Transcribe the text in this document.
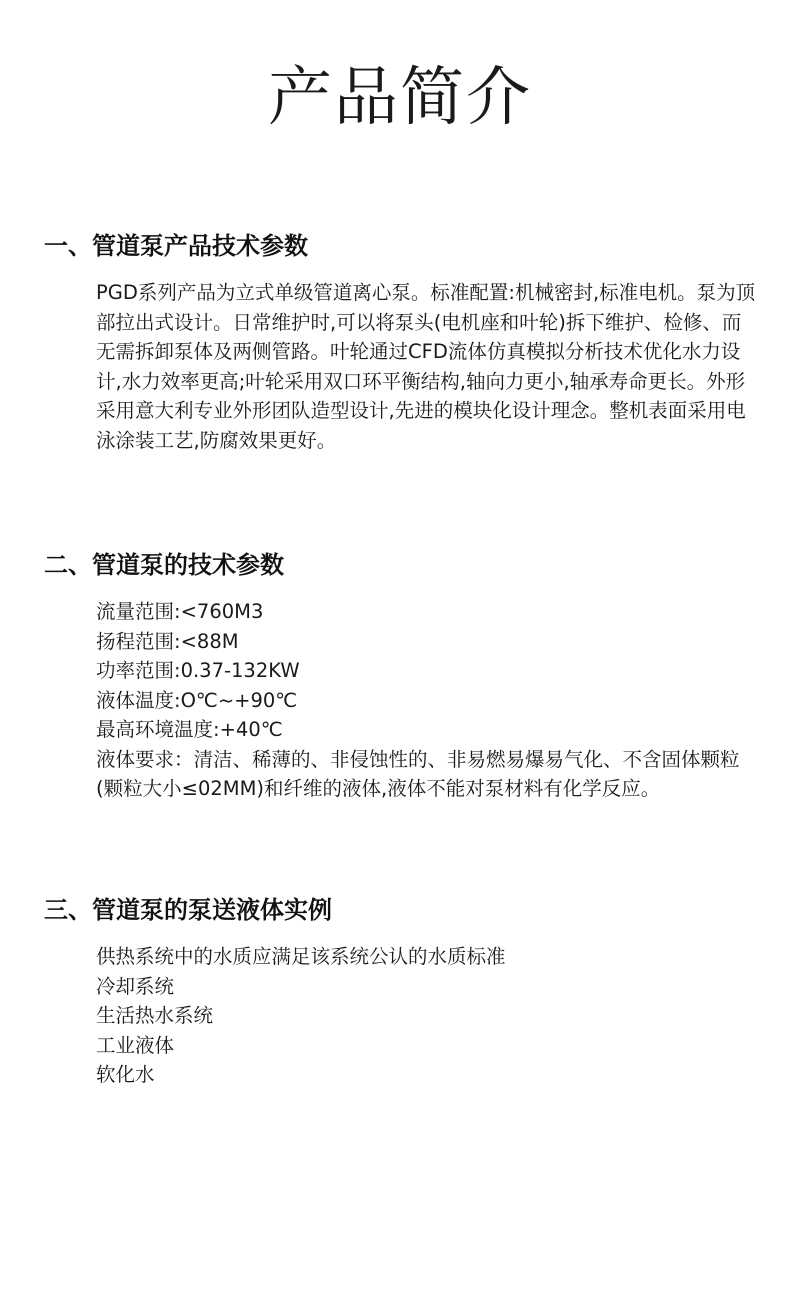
产品简介
一、管道泵产品技术参数

PGD系列产品为立式单级管道离心泵。标准配置:机械密封,标准电机。泵为顶部拉出式设计。日常维护时,可以将泵头(电机座和叶轮)拆下维护、检修、而无需拆卸泵体及两侧管路。叶轮通过CFD流体仿真模拟分析技术优化水力设计,水力效率更高;叶轮采用双口环平衡结构,轴向力更小,轴承寿命更长。外形采用意大利专业外形团队造型设计,先进的模块化设计理念。整机表面采用电泳涂装工艺,防腐效果更好。

二、管道泵的技术参数
流量范围:<760M3
扬程范围:<88M
功率范围:0.37-132KW
液体温度:O℃~+90℃
最高环境温度:+40℃
液体要求：清洁、稀薄的、非侵蚀性的、非易燃易爆易气化、不含固体颗粒(颗粒大小≤02MM)和纤维的液体,液体不能对泵材料有化学反应。
三、管道泵的泵送液体实例
供热系统中的水质应满足该系统公认的水质标准
冷却系统
生活热水系统
工业液体
软化水
